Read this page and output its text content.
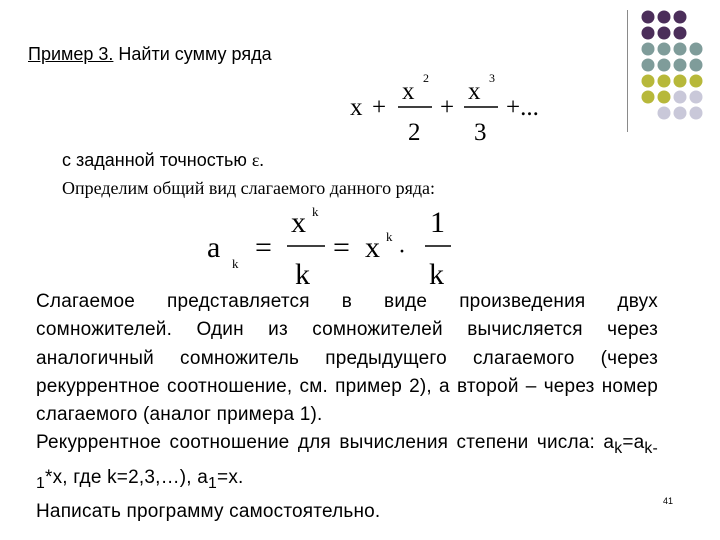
Пример 3. Найти сумму ряда
x +
x 2
2
+
x 3
3
+...
с заданной точностью ε.
Определим общий вид слагаемого данного ряда:
a k =
x k
k
= x k
·
1
k

Слагаемое представляется в виде произведения двух сомножителей. Один из сомножителей вычисляется через аналогичный сомножитель предыдущего слагаемого (через рекуррентное соотношение, см. пример 2), а второй – через номер слагаемого (аналог примера 1).

Рекуррентное соотношение для вычисления степени числа: $a_k=a_{k-1}*x$, где k=2,3,…), $a_1=x$.

Написать программу самостоятельно.	41
